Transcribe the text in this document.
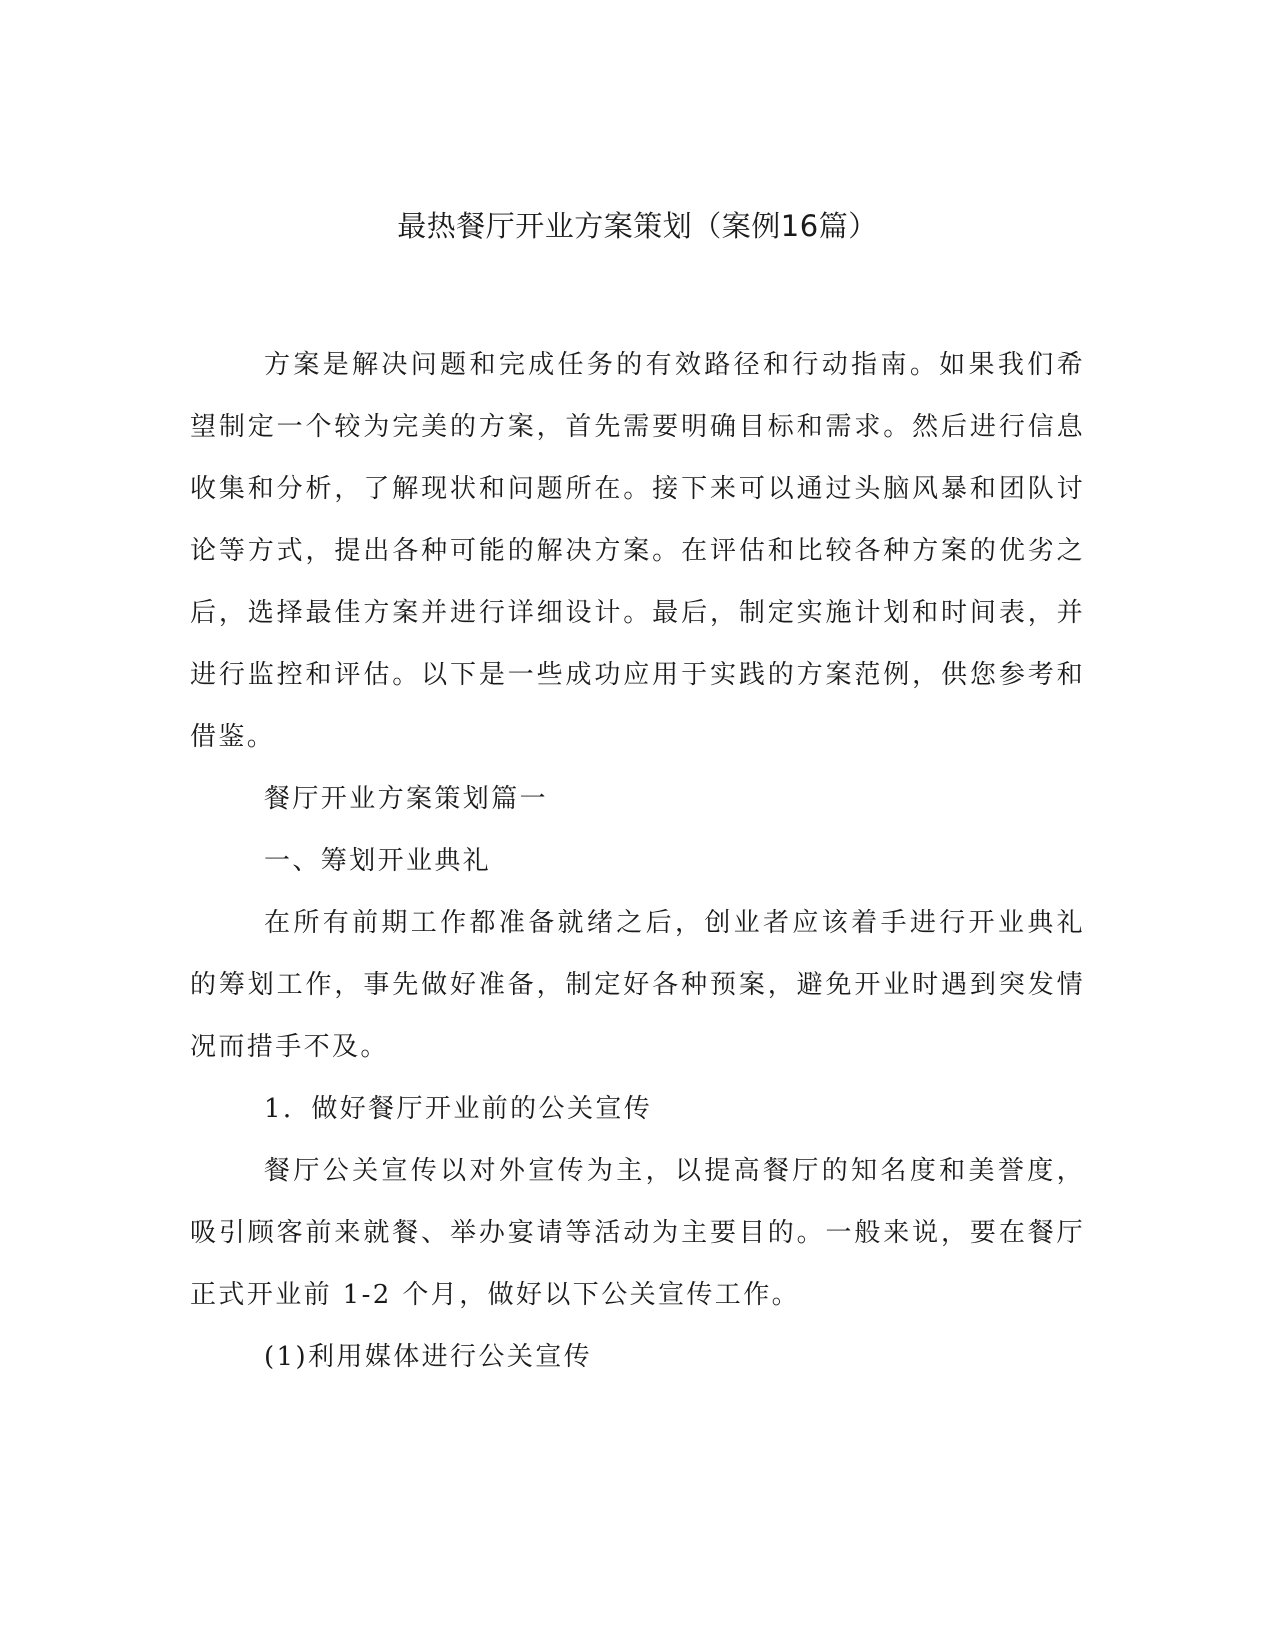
最热餐厅开业方案策划（案例16篇）

方案是解决问题和完成任务的有效路径和行动指南。如果我们希望制定一个较为完美的方案，首先需要明确目标和需求。然后进行信息收集和分析，了解现状和问题所在。接下来可以通过头脑风暴和团队讨论等方式，提出各种可能的解决方案。在评估和比较各种方案的优劣之后，选择最佳方案并进行详细设计。最后，制定实施计划和时间表，并进行监控和评估。以下是一些成功应用于实践的方案范例，供您参考和借鉴。

餐厅开业方案策划篇一

一、筹划开业典礼

在所有前期工作都准备就绪之后，创业者应该着手进行开业典礼的筹划工作，事先做好准备，制定好各种预案，避免开业时遇到突发情况而措手不及。

1．做好餐厅开业前的公关宣传

餐厅公关宣传以对外宣传为主，以提高餐厅的知名度和美誉度，吸引顾客前来就餐、举办宴请等活动为主要目的。一般来说，要在餐厅正式开业前 1-2 个月，做好以下公关宣传工作。

(1)利用媒体进行公关宣传
